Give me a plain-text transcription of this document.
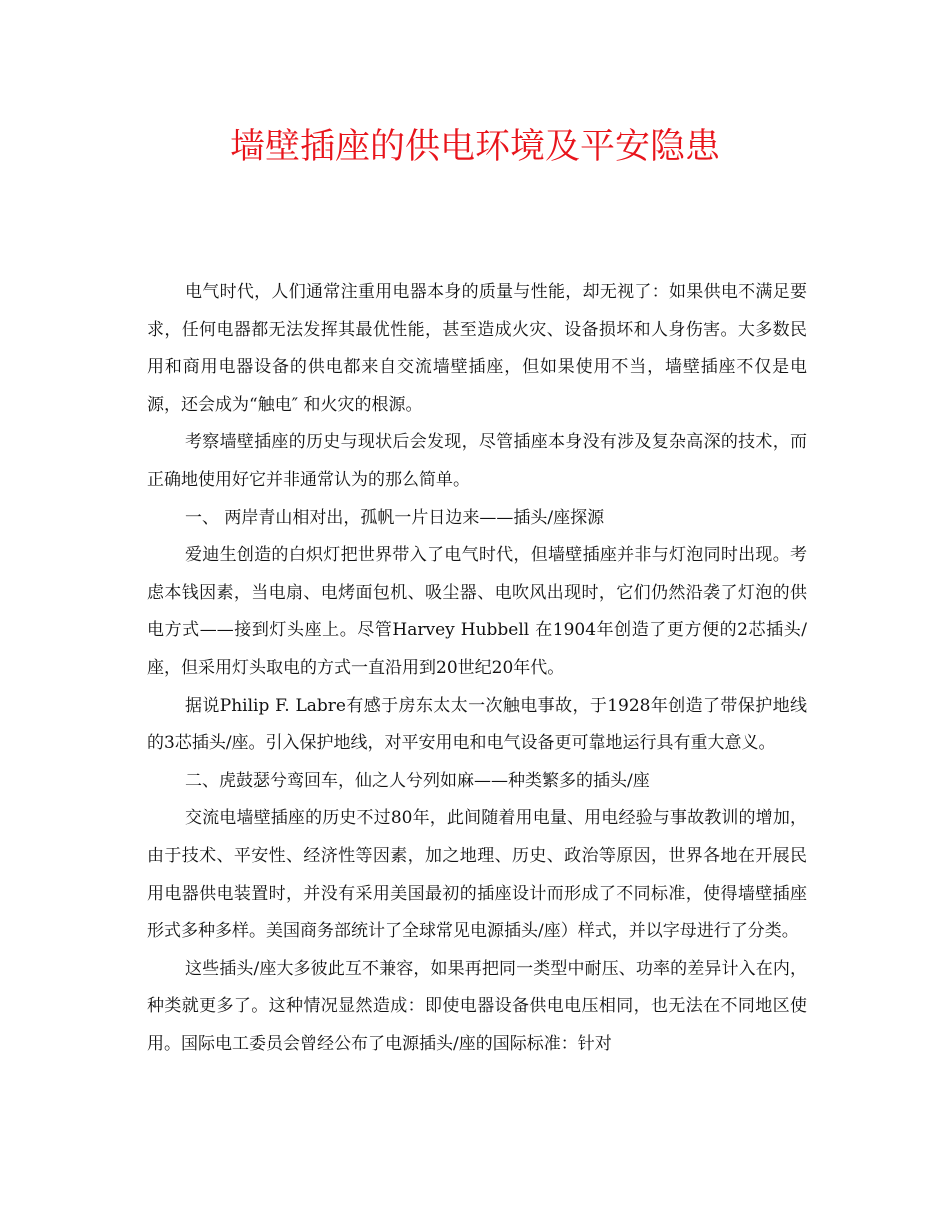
墙壁插座的供电环境及平安隐患

电气时代，人们通常注重用电器本身的质量与性能，却无视了：如果供电不满足要求，任何电器都无法发挥其最优性能，甚至造成火灾、设备损坏和人身伤害。大多数民用和商用电器设备的供电都来自交流墙壁插座，但如果使用不当，墙壁插座不仅是电源，还会成为“触电″ 和火灾的根源。

考察墙壁插座的历史与现状后会发现，尽管插座本身没有涉及复杂高深的技术，而正确地使用好它并非通常认为的那么简单。

一、 两岸青山相对出，孤帆一片日边来——插头/座探源

爱迪生创造的白炽灯把世界带入了电气时代，但墙壁插座并非与灯泡同时出现。考虑本钱因素，当电扇、电烤面包机、吸尘器、电吹风出现时，它们仍然沿袭了灯泡的供电方式——接到灯头座上。尽管Harvey Hubbell 在1904年创造了更方便的2芯插头/座，但采用灯头取电的方式一直沿用到20世纪20年代。

据说Philip F. Labre有感于房东太太一次触电事故，于1928年创造了带保护地线的3芯插头/座。引入保护地线，对平安用电和电气设备更可靠地运行具有重大意义。

二、虎鼓瑟兮鸾回车，仙之人兮列如麻——种类繁多的插头/座

交流电墙壁插座的历史不过80年，此间随着用电量、用电经验与事故教训的增加，由于技术、平安性、经济性等因素，加之地理、历史、政治等原因，世界各地在开展民用电器供电装置时，并没有采用美国最初的插座设计而形成了不同标准，使得墙壁插座形式多种多样。美国商务部统计了全球常见电源插头/座）样式，并以字母进行了分类。

这些插头/座大多彼此互不兼容，如果再把同一类型中耐压、功率的差异计入在内，种类就更多了。这种情况显然造成：即使电器设备供电电压相同，也无法在不同地区使用。国际电工委员会曾经公布了电源插头/座的国际标准：针对
